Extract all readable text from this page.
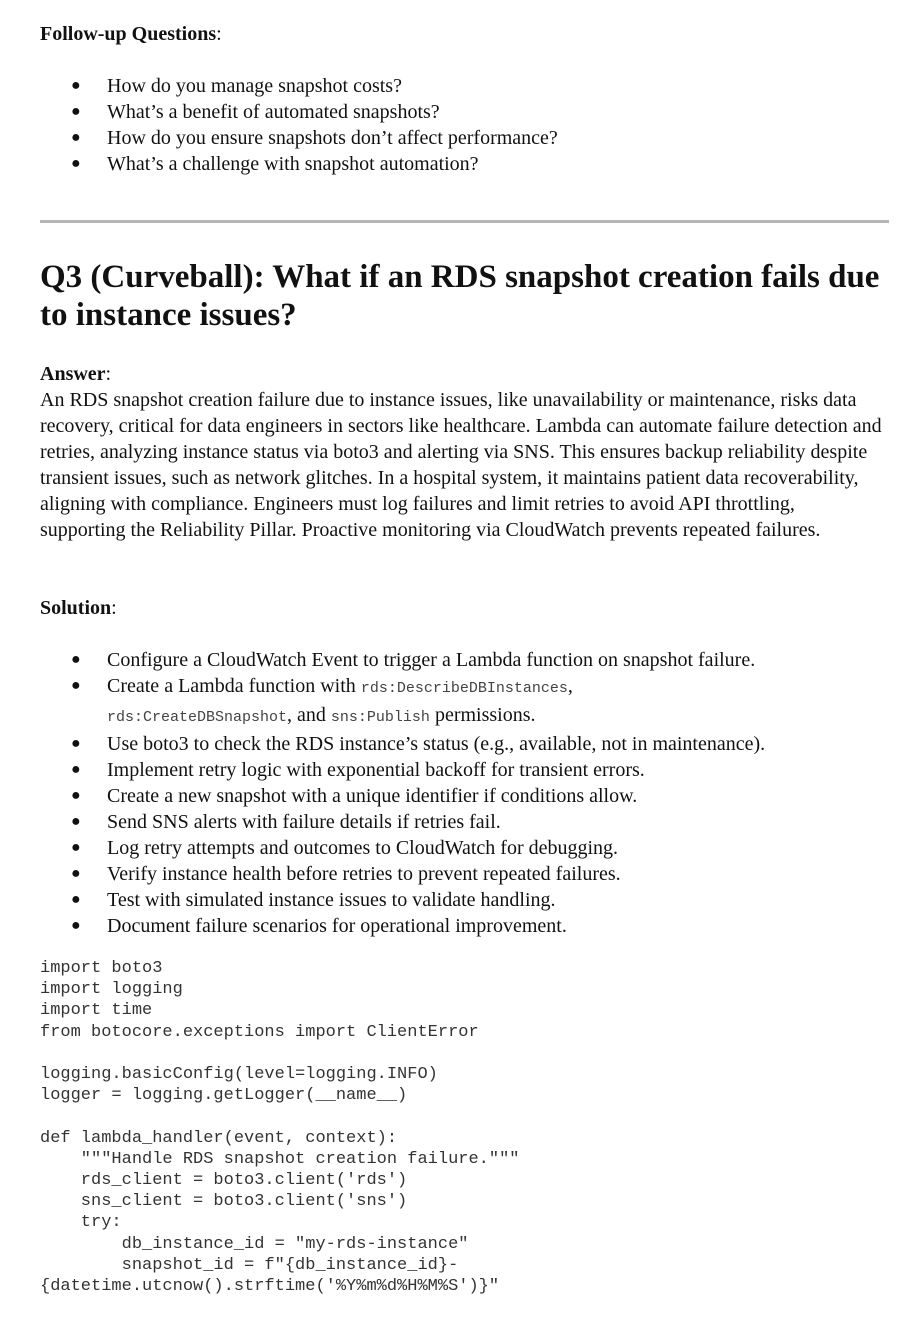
Follow-up Questions:
● How do you manage snapshot costs?
● What’s a benefit of automated snapshots?
● How do you ensure snapshots don’t affect performance?
● What’s a challenge with snapshot automation?
Q3 (Curveball): What if an RDS snapshot creation fails due to instance issues?
Answer:
An RDS snapshot creation failure due to instance issues, like unavailability or maintenance, risks data recovery, critical for data engineers in sectors like healthcare. Lambda can automate failure detection and retries, analyzing instance status via boto3 and alerting via SNS. This ensures backup reliability despite transient issues, such as network glitches. In a hospital system, it maintains patient data recoverability, aligning with compliance. Engineers must log failures and limit retries to avoid API throttling, supporting the Reliability Pillar. Proactive monitoring via CloudWatch prevents repeated failures.
Solution:
● Configure a CloudWatch Event to trigger a Lambda function on snapshot failure.
● Create a Lambda function with rds:DescribeDBInstances,
rds:CreateDBSnapshot, and sns:Publish permissions.
● Use boto3 to check the RDS instance’s status (e.g., available, not in maintenance).
● Implement retry logic with exponential backoff for transient errors.
● Create a new snapshot with a unique identifier if conditions allow.
● Send SNS alerts with failure details if retries fail.
● Log retry attempts and outcomes to CloudWatch for debugging.
● Verify instance health before retries to prevent repeated failures.
● Test with simulated instance issues to validate handling.
● Document failure scenarios for operational improvement.
import boto3
import logging
import time
from botocore.exceptions import ClientError
logging.basicConfig(level=logging.INFO)
logger = logging.getLogger(__name__)
def lambda_handler(event, context):
"""Handle RDS snapshot creation failure."""
rds_client = boto3.client('rds')
sns_client = boto3.client('sns')
try:
db_instance_id = "my-rds-instance"
snapshot_id = f"{db_instance_id}-
{datetime.utcnow().strftime('%Y%m%d%H%M%S')}"
